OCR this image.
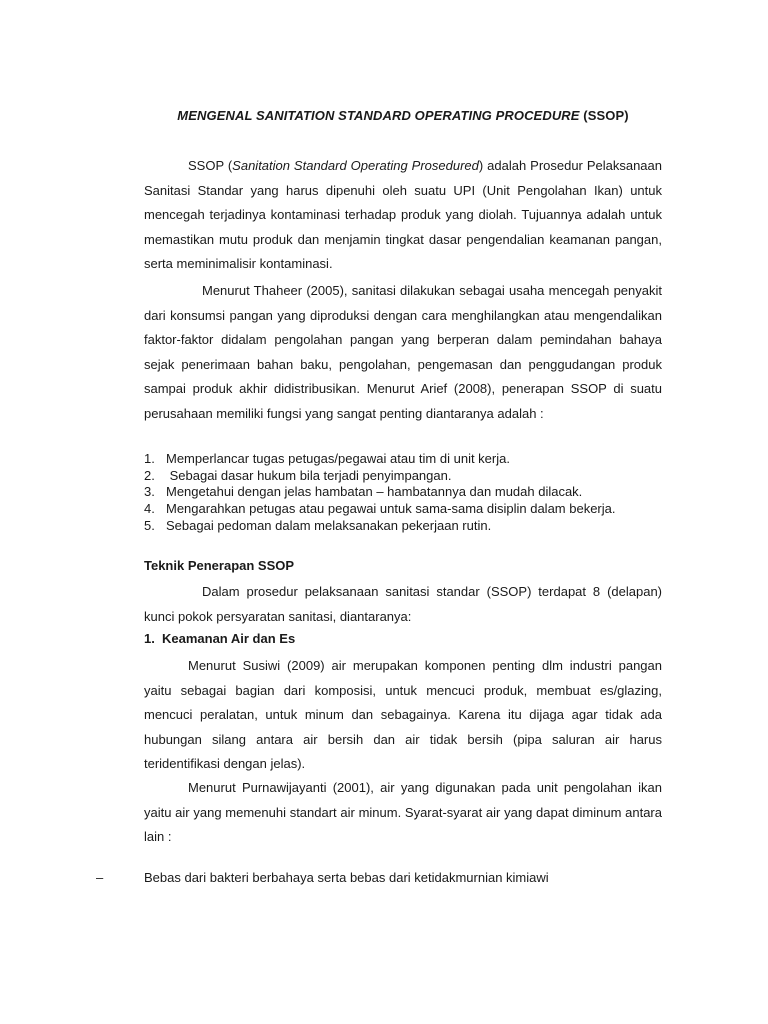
MENGENAL SANITATION STANDARD OPERATING PROCEDURE (SSOP)

SSOP (Sanitation Standard Operating Prosedured) adalah Prosedur Pelaksanaan Sanitasi Standar yang harus dipenuhi oleh suatu UPI (Unit Pengolahan Ikan) untuk mencegah terjadinya kontaminasi terhadap produk yang diolah. Tujuannya adalah untuk memastikan mutu produk dan menjamin tingkat dasar pengendalian keamanan pangan, serta meminimalisir kontaminasi.

Menurut Thaheer (2005), sanitasi dilakukan sebagai usaha mencegah penyakit dari konsumsi pangan yang diproduksi dengan cara menghilangkan atau mengendalikan faktor-faktor didalam pengolahan pangan yang berperan dalam pemindahan bahaya sejak penerimaan bahan baku, pengolahan, pengemasan dan penggudangan produk sampai produk akhir didistribusikan. Menurut Arief (2008), penerapan SSOP di suatu perusahaan memiliki fungsi yang sangat penting diantaranya adalah :

1. Memperlancar tugas petugas/pegawai atau tim di unit kerja.
2. Sebagai dasar hukum bila terjadi penyimpangan.
3. Mengetahui dengan jelas hambatan – hambatannya dan mudah dilacak.
4. Mengarahkan petugas atau pegawai untuk sama-sama disiplin dalam bekerja.
5. Sebagai pedoman dalam melaksanakan pekerjaan rutin.
Teknik Penerapan SSOP

Dalam prosedur pelaksanaan sanitasi standar (SSOP) terdapat 8 (delapan) kunci pokok persyaratan sanitasi, diantaranya:

1. Keamanan Air dan Es

Menurut Susiwi (2009) air merupakan komponen penting dlm industri pangan yaitu sebagai bagian dari komposisi, untuk mencuci produk, membuat es/glazing, mencuci peralatan, untuk minum dan sebagainya. Karena itu dijaga agar tidak ada hubungan silang antara air bersih dan air tidak bersih (pipa saluran air harus teridentifikasi dengan jelas).

Menurut Purnawijayanti (2001), air yang digunakan pada unit pengolahan ikan yaitu air yang memenuhi standart air minum. Syarat-syarat air yang dapat diminum antara lain :

–	Bebas dari bakteri berbahaya serta bebas dari ketidakmurnian kimiawi
